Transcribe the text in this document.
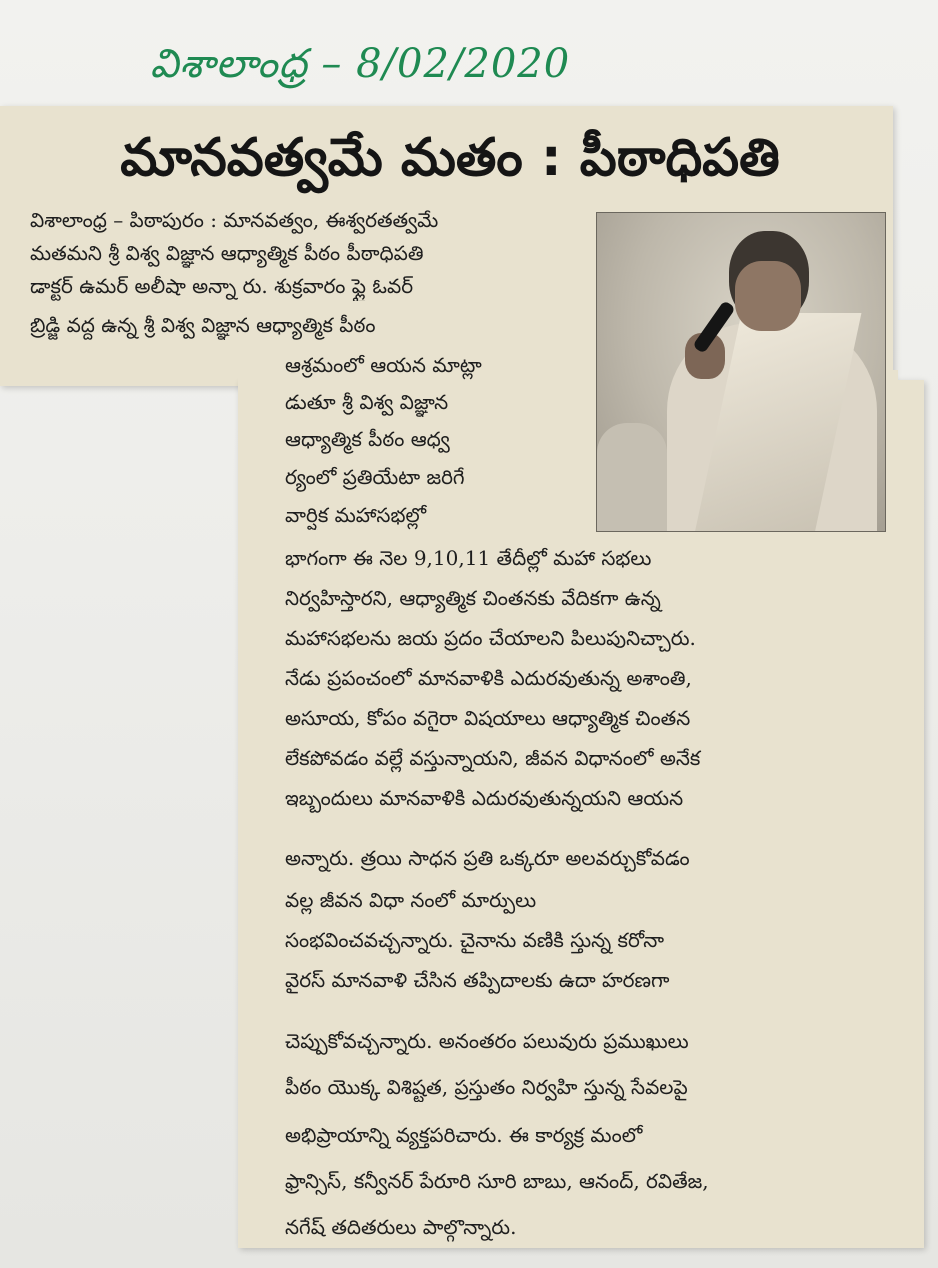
విశాలాంధ్ర – 8/02/2020
మానవత్వమే మతం : పీఠాధిపతి
విశాలాంధ్ర – పిఠాపురం : మానవత్వం, ఈశ్వరతత్వమే
మతమని శ్రీ విశ్వ విజ్ఞాన ఆధ్యాత్మిక పీఠం పీఠాధిపతి
డాక్టర్ ఉమర్ అలీషా అన్నా రు. శుక్రవారం ఫ్లై ఓవర్
బ్రిడ్జి వద్ద ఉన్న శ్రీ విశ్వ విజ్ఞాన ఆధ్యాత్మిక పీఠం
ఆశ్రమంలో ఆయన మాట్లా
డుతూ శ్రీ విశ్వ విజ్ఞాన
ఆధ్యాత్మిక పీఠం ఆధ్వ
ర్యంలో ప్రతియేటా జరిగే
వార్షిక మహాసభల్లో
భాగంగా ఈ నెల 9,10,11 తేదీల్లో మహా సభలు
నిర్వహిస్తారని, ఆధ్యాత్మిక చింతనకు వేదికగా ఉన్న
మహాసభలను జయ ప్రదం చేయాలని పిలుపునిచ్చారు.
నేడు ప్రపంచంలో మానవాళికి ఎదురవుతున్న అశాంతి,
అసూయ, కోపం వగైరా విషయాలు ఆధ్యాత్మిక చింతన
లేకపోవడం వల్లే వస్తున్నాయని, జీవన విధానంలో అనేక
ఇబ్బందులు మానవాళికి ఎదురవుతున్నయని ఆయన
అన్నారు. త్రయి సాధన ప్రతి ఒక్కరూ అలవర్చుకోవడం
వల్ల జీవన విధా నంలో మార్పులు
సంభవించవచ్చన్నారు. చైనాను వణికి స్తున్న కరోనా
వైరస్ మానవాళి చేసిన తప్పిదాలకు ఉదా హరణగా
చెప్పుకోవచ్చన్నారు. అనంతరం పలువురు ప్రముఖులు
పీఠం యొక్క విశిష్టత, ప్రస్తుతం నిర్వహి స్తున్న సేవలపై
అభిప్రాయాన్ని వ్యక్తపరిచారు. ఈ కార్యక్ర మంలో
ఫ్రాన్సిస్, కన్వీనర్ పేరూరి సూరి బాబు, ఆనంద్, రవితేజ,
నగేష్ తదితరులు పాల్గొన్నారు.
